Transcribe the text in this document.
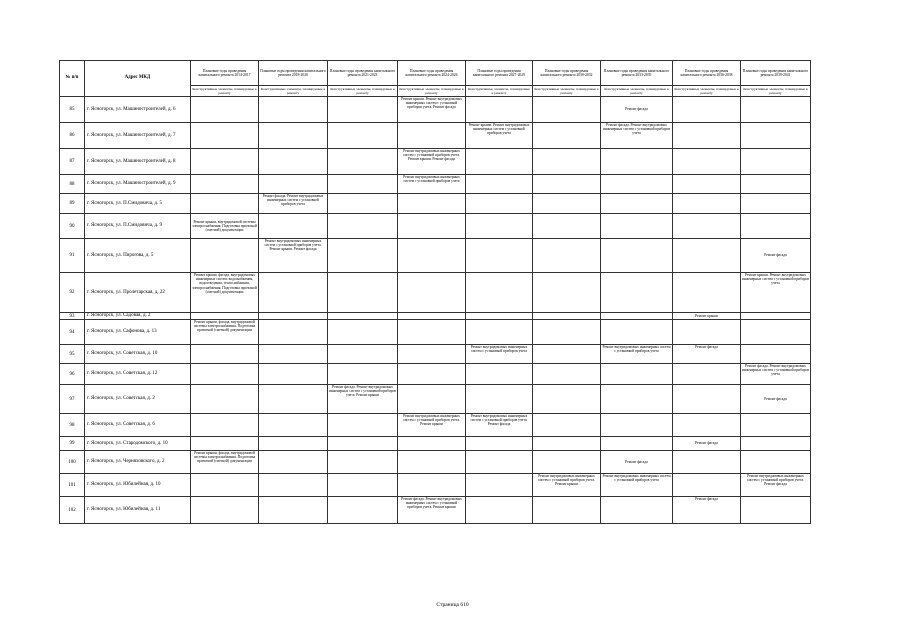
№ п/п	Адрес МКД	Плановые годы проведения капитального ремонта 2014-2017	Плановые годы проведения капитального ремонта 2018-2020	Плановые годы проведения капитального ремонта 2021-2023	Плановые годы проведения капитального ремонта 2024-2026	Плановые годы проведения капитального ремонта 2027-2029	Плановые годы проведения капитального ремонта 2030-2032	Плановые годы проведения капитального ремонта 2033-2035	Плановые годы проведения капитального ремонта 2036-2038	Плановые годы проведения капитального ремонта 2039-2041
		Конструктивные элементы, планируемые к ремонту	Конструктивные элементы, планируемые к ремонту	Конструктивные элементы, планируемые к ремонту	Конструктивные элементы, планируемые к ремонту	Конструктивные элементы, планируемые к ремонту	Конструктивные элементы, планируемые к ремонту	Конструктивные элементы, планируемые к ремонту	Конструктивные элементы, планируемые к ремонту	Конструктивные элементы, планируемые к ремонту
85	г. Ясногорск, ул. Машиностроителей, д. 6				Ремонт крыши. Ремонт внутридомовых инженерных систем с установкой приборов учета. Ремонт фасада			Ремонт фасада		
86	г. Ясногорск, ул. Машиностроителей, д. 7					Ремонт крыши. Ремонт внутридомовых инженерных систем с установкой приборов учета		Ремонт фасада. Ремонт внутридомовых инженерных систем с установкой приборов учета		
87	г. Ясногорск, ул. Машиностроителей, д. 8				Ремонт внутридомовых инженерных систем с установкой приборов учета. Ремонт крыши. Ремонт фасада					
88	г. Ясногорск, ул. Машиностроителей, д. 9				Ремонт внутридомовых инженерных систем с установкой приборов учета					
89	г. Ясногорск, ул. П.Смидовича, д. 5		Ремонт фасада. Ремонт внутридомовых инженерных систем с установкой приборов учета							
90	г. Ясногорск, ул. П.Смидовича, д. 9	Ремонт крыши, внутридомовой системы электроснабжения. Подготовка проектной (сметной) документации								
91	г. Ясногорск, ул. Пирогова, д. 5		Ремонт внутридомовых инженерных систем с установкой приборов учета. Ремонт крыши. Ремонт фасада							Ремонт фасада
92	г. Ясногорск, ул. Пролетарская, д. 22	Ремонт крыши, фасада, внутридомовых инженерных систем: водоснабжения, водоотведения, теплоснабжения, электроснабжения. Подготовка проектной (сметной) документации								Ремонт крыши. Ремонт внутридомовых инженерных систем с установкой приборов учета
93	г. Ясногорск, ул. Садовая, д. 2								Ремонт крыши	
94	г. Ясногорск, ул. Сафонова, д. 13	Ремонт крыши, фасада, внутридомовой системы электроснабжения. Подготовка проектной (сметной) документации								
95	г. Ясногорск, ул. Советская, д. 10					Ремонт внутридомовых инженерных систем с установкой приборов учета		Ремонт внутридомовых инженерных систем с установкой приборов учета	Ремонт фасада	
96	г. Ясногорск, ул. Советская, д. 12									Ремонт фасада. Ремонт внутридомовых инженерных систем с установкой приборов учета
97	г. Ясногорск, ул. Советская, д. 2			Ремонт фасада. Ремонт внутридомовых инженерных систем с установкой приборов учета. Ремонт крыши						Ремонт фасада
98	г. Ясногорск, ул. Советская, д. 6				Ремонт внутридомовых инженерных систем с установкой приборов учета. Ремонт крыши	Ремонт внутридомовых инженерных систем с установкой приборов учета. Ремонт фасада				
99	г. Ясногорск, ул. Стародомского, д. 10								Ремонт фасада	
100	г. Ясногорск, ул. Черняховского, д. 2	Ремонт крыши, фасада, внутридомовой системы электроснабжения. Подготовка проектной (сметной) документации						Ремонт фасада		
101	г. Ясногорск, ул. Юбилейная, д. 10						Ремонт внутридомовых инженерных систем с установкой приборов учета. Ремонт крыши	Ремонт внутридомовых инженерных систем с установкой приборов учета		Ремонт внутридомовых инженерных систем с установкой приборов учета. Ремонт фасада
102	г. Ясногорск, ул. Юбилейная, д. 11				Ремонт фасада. Ремонт внутридомовых инженерных систем с установкой приборов учета. Ремонт крыши				Ремонт фасада	
Страница 610
